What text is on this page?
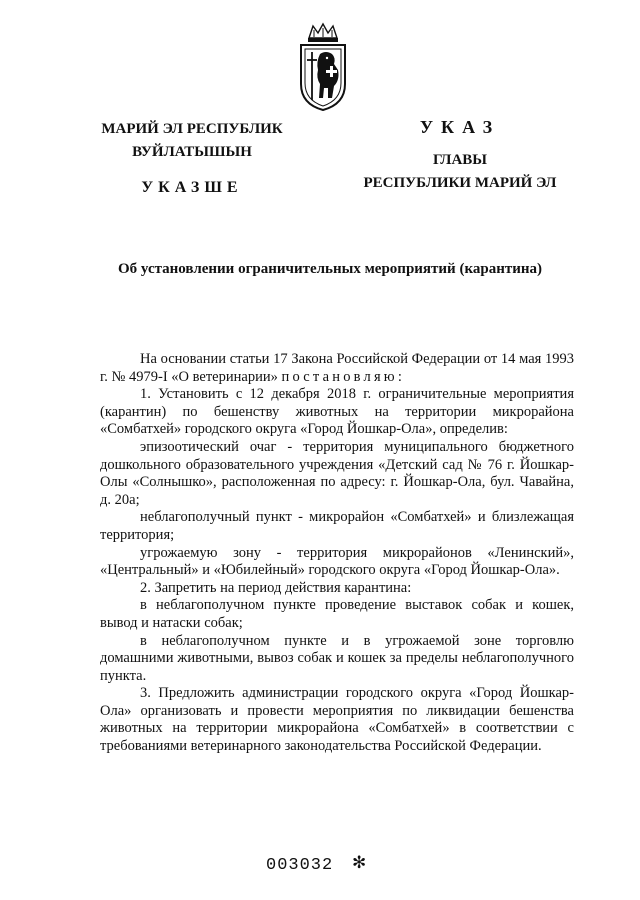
МАРИЙ ЭЛ РЕСПУБЛИК
ВУЙЛАТЫШЫН
УКАЗШЕ
УКАЗ
ГЛАВЫ
РЕСПУБЛИКИ МАРИЙ ЭЛ
Об установлении ограничительных мероприятий (карантина)
На основании статьи 17 Закона Российской Федерации от 14 мая 1993 г. № 4979-I «О ветеринарии» постановляю:
1. Установить с 12 декабря 2018 г. ограничительные мероприятия (карантин) по бешенству животных на территории микрорайона «Сомбатхей» городского округа «Город Йошкар-Ола», определив:
эпизоотический очаг - территория муниципального бюджетного дошкольного образовательного учреждения «Детский сад № 76 г. Йошкар-Олы «Солнышко», расположенная по адресу: г. Йошкар-Ола, бул. Чавайна, д. 20а;
неблагополучный пункт - микрорайон «Сомбатхей» и близлежащая территория;
угрожаемую зону - территория микрорайонов «Ленинский», «Центральный» и «Юбилейный» городского округа «Город Йошкар-Ола».
2. Запретить на период действия карантина:
в неблагополучном пункте проведение выставок собак и кошек, вывод и натаски собак;
в неблагополучном пункте и в угрожаемой зоне торговлю домашними животными, вывоз собак и кошек за пределы неблагополучного пункта.
3. Предложить администрации городского округа «Город Йошкар-Ола» организовать и провести мероприятия по ликвидации бешенства животных на территории микрорайона «Сомбатхей» в соответствии с требованиями ветеринарного законодательства Российской Федерации.
003032 ✻
